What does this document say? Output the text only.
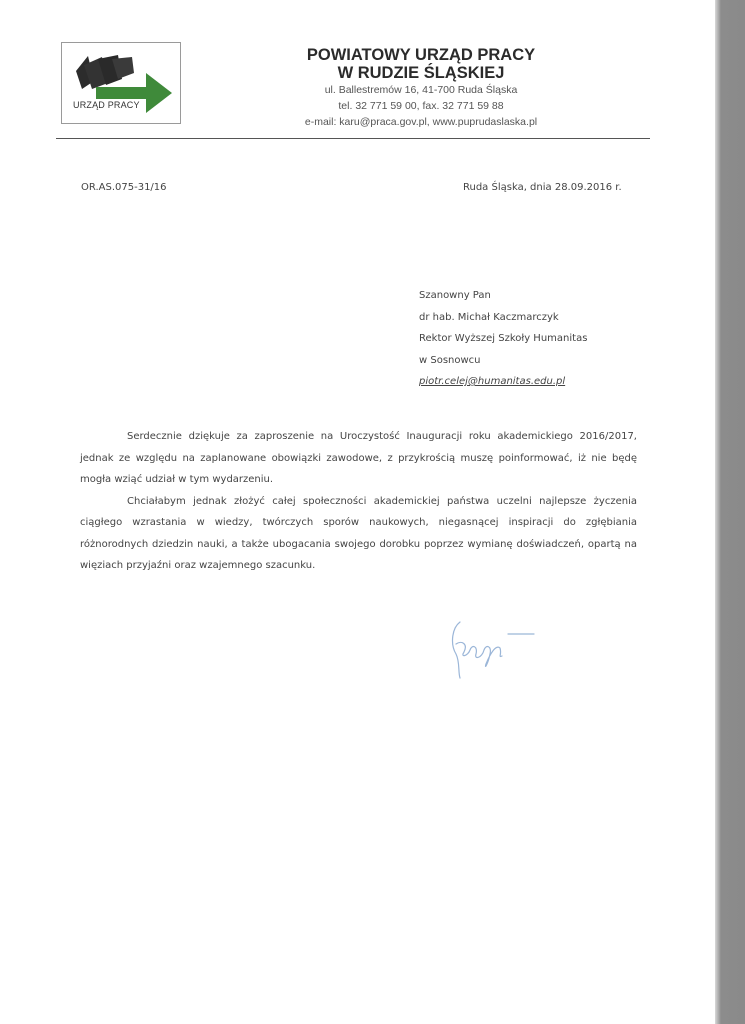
URZĄD PRACY
POWIATOWY URZĄD PRACY
W RUDZIE ŚLĄSKIEJ
ul. Ballestremów 16, 41-700 Ruda Śląska
tel. 32 771 59 00, fax. 32 771 59 88
e-mail: karu@praca.gov.pl, www.puprudaslaska.pl
OR.AS.075-31/16	Ruda Śląska, dnia 28.09.2016 r.
Szanowny Pan
dr hab. Michał Kaczmarczyk
Rektor Wyższej Szkoły Humanitas
w Sosnowcu
piotr.celej@humanitas.edu.pl

Serdecznie dziękuje za zaproszenie na Uroczystość Inauguracji roku akademickiego 2016/2017, jednak ze względu na zaplanowane obowiązki zawodowe, z przykrością muszę poinformować, iż nie będę mogła wziąć udział w tym wydarzeniu.

Chciałabym jednak złożyć całej społeczności akademickiej państwa uczelni najlepsze życzenia ciągłego wzrastania w wiedzy, twórczych sporów naukowych, niegasnącej inspiracji do zgłębiania różnorodnych dziedzin nauki, a także ubogacania swojego dorobku poprzez wymianę doświadczeń, opartą na więziach przyjaźni oraz wzajemnego szacunku.
